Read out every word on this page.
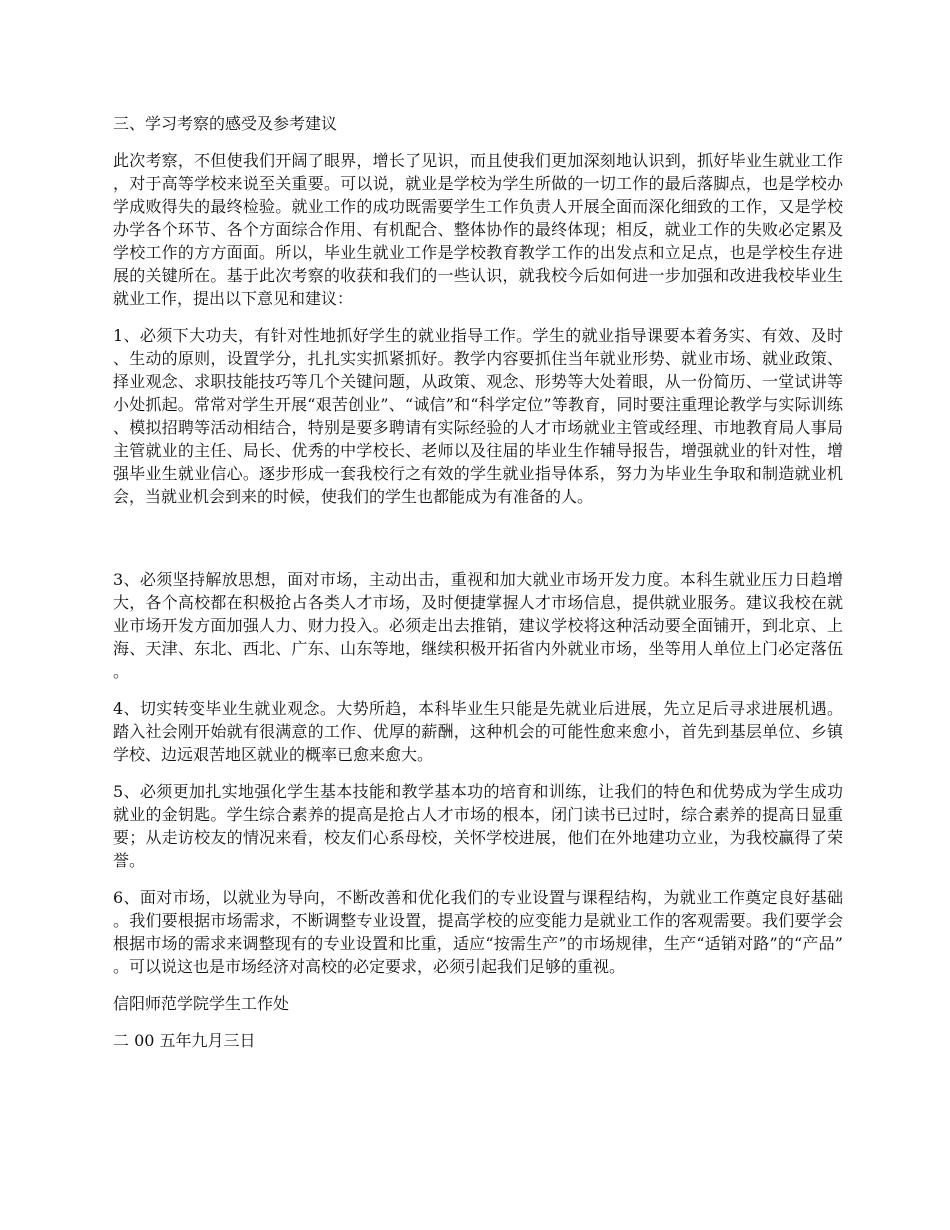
三、学习考察的感受及参考建议

此次考察，不但使我们开阔了眼界，增长了见识，而且使我们更加深刻地认识到，抓好毕业生就业工作，对于高等学校来说至关重要。可以说，就业是学校为学生所做的一切工作的最后落脚点，也是学校办学成败得失的最终检验。就业工作的成功既需要学生工作负责人开展全面而深化细致的工作，又是学校办学各个环节、各个方面综合作用、有机配合、整体协作的最终体现；相反，就业工作的失败必定累及学校工作的方方面面。所以，毕业生就业工作是学校教育教学工作的出发点和立足点，也是学校生存进展的关键所在。基于此次考察的收获和我们的一些认识，就我校今后如何进一步加强和改进我校毕业生就业工作，提出以下意见和建议：

1、必须下大功夫，有针对性地抓好学生的就业指导工作。学生的就业指导课要本着务实、有效、及时、生动的原则，设置学分，扎扎实实抓紧抓好。教学内容要抓住当年就业形势、就业市场、就业政策、择业观念、求职技能技巧等几个关键问题，从政策、观念、形势等大处着眼，从一份简历、一堂试讲等小处抓起。常常对学生开展“艰苦创业”、“诚信”和“科学定位”等教育，同时要注重理论教学与实际训练、模拟招聘等活动相结合，特别是要多聘请有实际经验的人才市场就业主管或经理、市地教育局人事局主管就业的主任、局长、优秀的中学校长、老师以及往届的毕业生作辅导报告，增强就业的针对性，增强毕业生就业信心。逐步形成一套我校行之有效的学生就业指导体系，努力为毕业生争取和制造就业机会，当就业机会到来的时候，使我们的学生也都能成为有准备的人。

3、必须坚持解放思想，面对市场，主动出击，重视和加大就业市场开发力度。本科生就业压力日趋增大，各个高校都在积极抢占各类人才市场，及时便捷掌握人才市场信息，提供就业服务。建议我校在就业市场开发方面加强人力、财力投入。必须走出去推销，建议学校将这种活动要全面铺开，到北京、上海、天津、东北、西北、广东、山东等地，继续积极开拓省内外就业市场，坐等用人单位上门必定落伍。

4、切实转变毕业生就业观念。大势所趋，本科毕业生只能是先就业后进展，先立足后寻求进展机遇。踏入社会刚开始就有很满意的工作、优厚的薪酬，这种机会的可能性愈来愈小，首先到基层单位、乡镇学校、边远艰苦地区就业的概率已愈来愈大。

5、必须更加扎实地强化学生基本技能和教学基本功的培育和训练，让我们的特色和优势成为学生成功就业的金钥匙。学生综合素养的提高是抢占人才市场的根本，闭门读书已过时，综合素养的提高日显重要；从走访校友的情况来看，校友们心系母校，关怀学校进展，他们在外地建功立业，为我校赢得了荣誉。

6、面对市场，以就业为导向，不断改善和优化我们的专业设置与课程结构，为就业工作奠定良好基础。我们要根据市场需求，不断调整专业设置，提高学校的应变能力是就业工作的客观需要。我们要学会根据市场的需求来调整现有的专业设置和比重，适应“按需生产”的市场规律，生产“适销对路”的“产品”。可以说这也是市场经济对高校的必定要求，必须引起我们足够的重视。

信阳师范学院学生工作处

二 00 五年九月三日
